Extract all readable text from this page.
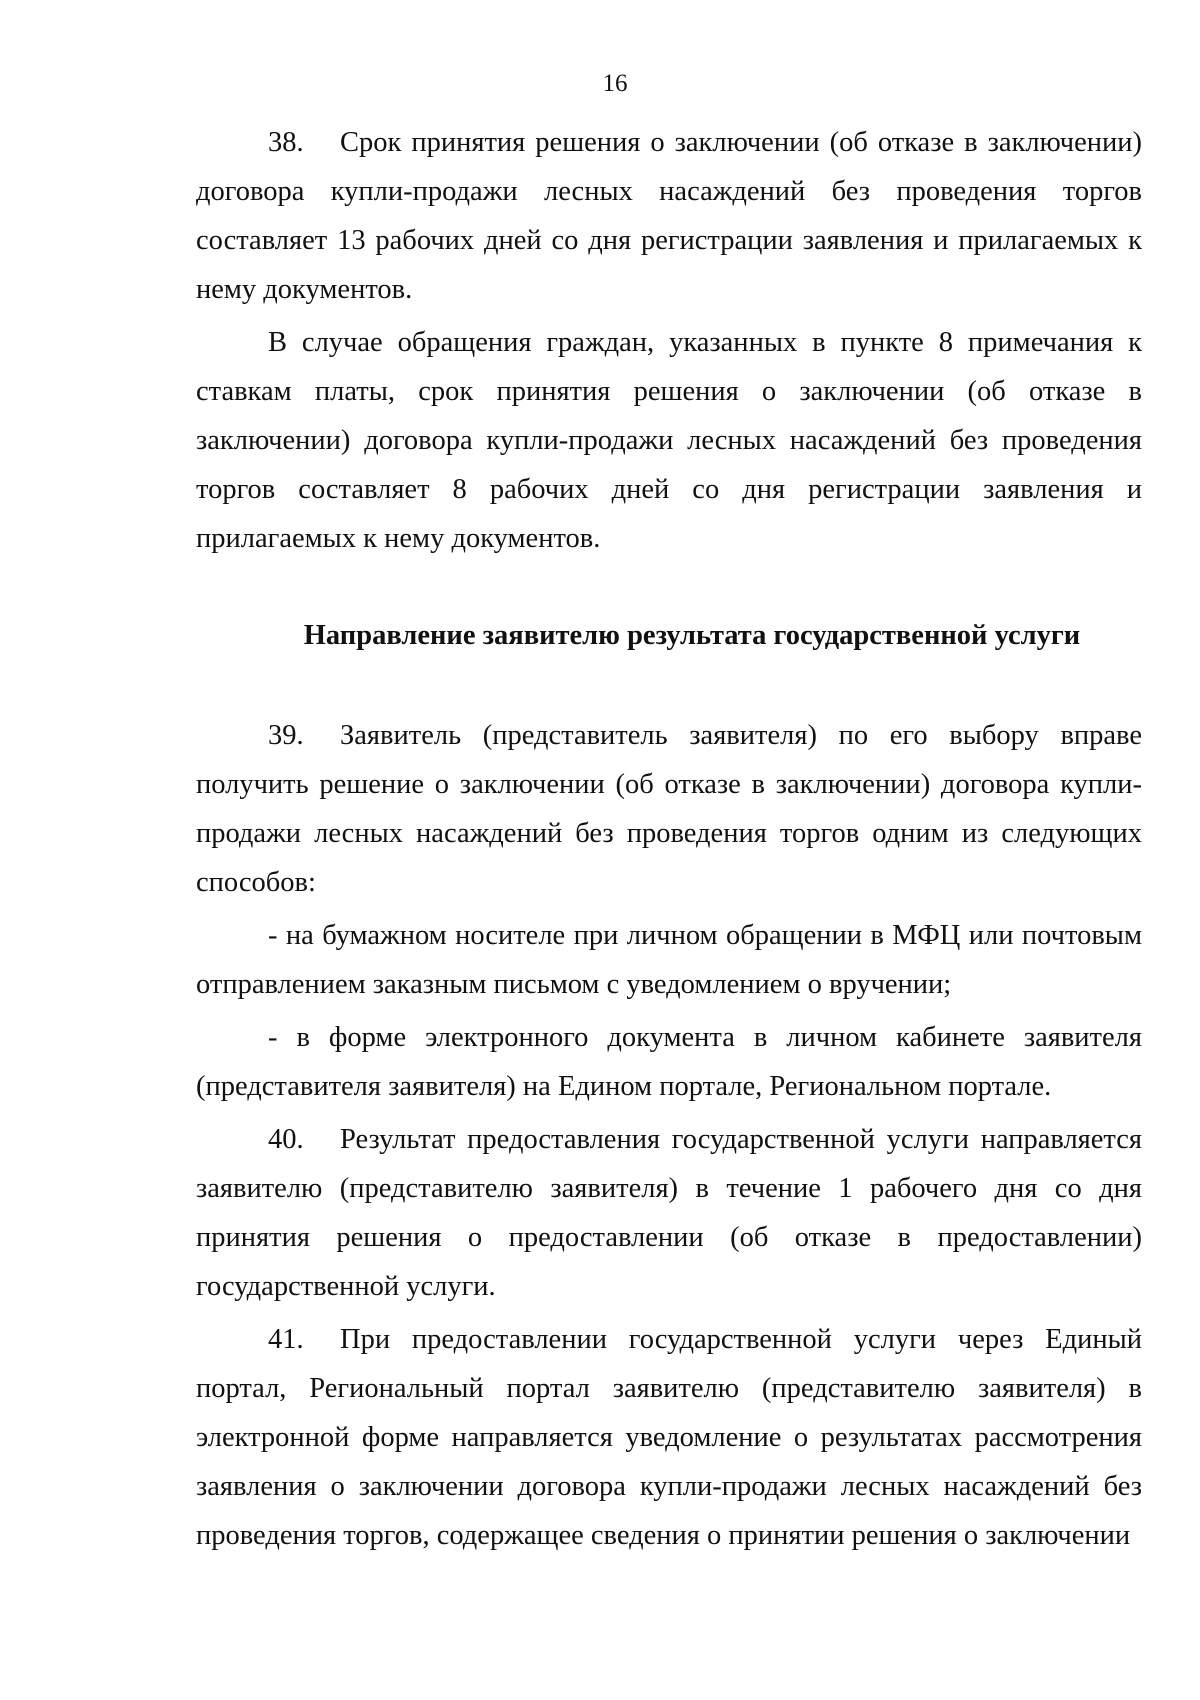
16

38. Срок принятия решения о заключении (об отказе в заключении) договора купли-продажи лесных насаждений без проведения торгов составляет 13 рабочих дней со дня регистрации заявления и прилагаемых к нему документов.

В случае обращения граждан, указанных в пункте 8 примечания к ставкам платы, срок принятия решения о заключении (об отказе в заключении) договора купли-продажи лесных насаждений без проведения торгов составляет 8 рабочих дней со дня регистрации заявления и прилагаемых к нему документов.

Направление заявителю результата государственной услуги

39. Заявитель (представитель заявителя) по его выбору вправе получить решение о заключении (об отказе в заключении) договора купли-продажи лесных насаждений без проведения торгов одним из следующих способов:

- на бумажном носителе при личном обращении в МФЦ или почтовым отправлением заказным письмом с уведомлением о вручении;

- в форме электронного документа в личном кабинете заявителя (представителя заявителя) на Едином портале, Региональном портале.

40. Результат предоставления государственной услуги направляется заявителю (представителю заявителя) в течение 1 рабочего дня со дня принятия решения о предоставлении (об отказе в предоставлении) государственной услуги.

41. При предоставлении государственной услуги через Единый портал, Региональный портал заявителю (представителю заявителя) в электронной форме направляется уведомление о результатах рассмотрения заявления о заключении договора купли-продажи лесных насаждений без проведения торгов, содержащее сведения о принятии решения о заключении
